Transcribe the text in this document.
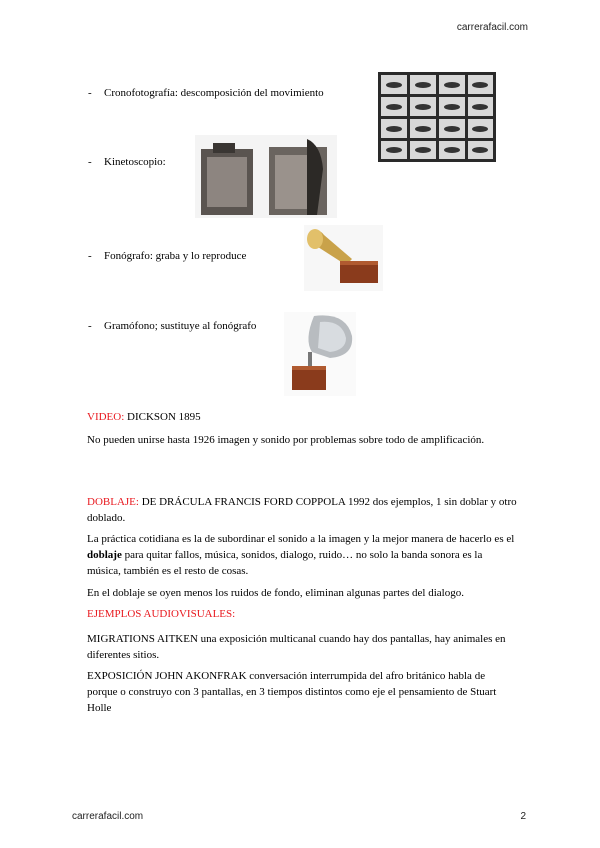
carrerafacil.com
- Cronofotografía: descomposición del movimiento
- Kinetoscopio:
- Fonógrafo: graba y lo reproduce
- Gramófono; sustituye al fonógrafo
VIDEO: DICKSON 1895
No pueden unirse hasta 1926 imagen y sonido por problemas sobre todo de amplificación.
DOBLAJE: DE DRÁCULA FRANCIS FORD COPPOLA 1992 dos ejemplos, 1 sin doblar y otro doblado.
La práctica cotidiana es la de subordinar el sonido a la imagen y la mejor manera de hacerlo es el doblaje para quitar fallos, música, sonidos, dialogo, ruido… no solo la banda sonora es la música, también es el resto de cosas.
En el doblaje se oyen menos los ruidos de fondo, eliminan algunas partes del dialogo.
EJEMPLOS AUDIOVISUALES:
MIGRATIONS AITKEN una exposición multicanal cuando hay dos pantallas, hay animales en diferentes sitios.
EXPOSICIÓN JOHN AKONFRAK conversación interrumpida del afro británico habla de porque o construyo con 3 pantallas, en 3 tiempos distintos como eje el pensamiento de Stuart Holle
carrerafacil.com	2
